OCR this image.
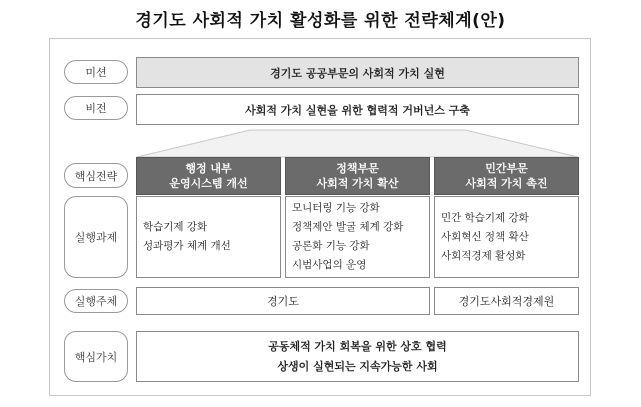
경기도 사회적 가치 활성화를 위한 전략체계(안)
미션
비전
핵심전략
실행과제
실행주체
핵심가치
경기도 공공부문의 사회적 가치 실현
사회적 가치 실현을 위한 협력적 거버넌스 구축
행정 내부
운영시스템 개선
정책부문
사회적 가치 확산
민간부문
사회적 가치 촉진
학습기제 강화
성과평가 체계 개선
모니터링 기능 강화
정책제안 발굴 체계 강화
공론화 기능 강화
시범사업의 운영
민간 학습기제 강화
사회혁신 정책 확산
사회적경제 활성화
경기도	경기도사회적경제원
공동체적 가치 회복을 위한 상호 협력
상생이 실현되는 지속가능한 사회
